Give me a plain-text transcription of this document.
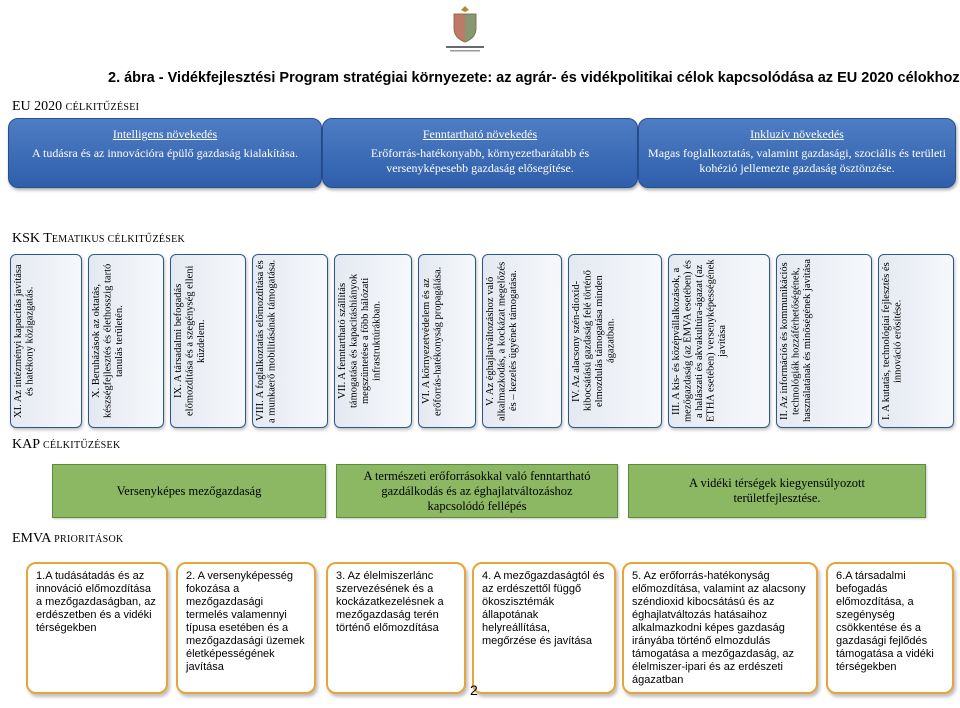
2. ábra - Vidékfejlesztési Program stratégiai környezete: az agrár- és vidékpolitikai célok kapcsolódása az EU 2020 célokhoz
EU 2020 CÉLKITŰZÉSEI
Intelligens növekedés
A tudásra és az innovációra épülő gazdaság kialakítása.
Fenntartható növekedés
Erőforrás-hatékonyabb, környezetbarátabb és versenyképesebb gazdaság elősegítése.
Inkluzív növekedés
Magas foglalkoztatás, valamint gazdasági, szociális és területi kohézió jellemezte gazdaság ösztönzése.
KSK TEMATIKUS CÉLKITŰZÉSEK
XI. Az intézményi kapacitás javítása és hatékony közigazgatás.	X. Beruházások az oktatás, készségfejlesztés és élethosszig tartó tanulás területén.	IX. A társadalmi befogadás előmozdítása és a szegénység elleni küzdelem.	VIII. A foglalkoztatás előmozdítása és a munkaerő mobilitásának támogatása.	VII. A fenntartható szállítás támogatása és kapacitáshiányok megszüntetése a főbb hálózati infrastruktúrákban.	VI. A környezetvédelem és az erőforrás-hatékonyság propagálása.	V. Az éghajlatváltozáshoz való alkalmazkodás, a kockázat megelőzés és – kezelés ügyének támogatása.	IV. Az alacsony szén-dioxid-kibocsátású gazdaság felé történő elmozdulás támogatása minden ágazatban.	III. A kis- és középvállalkozások, a mezőgazdaság (az EMVA esetében) és a halászati és akvakultúra-ágazat (az ETHA esetében) versenyképességének javítása	II. Az információs és kommunikációs technológiák hozzáférhetőségének, használatának és minőségének javítása	I. A kutatás, technológiai fejlesztés és innováció erősítése.
KAP CÉLKITŰZÉSEK
Versenyképes mezőgazdaság
A természeti erőforrásokkal való fenntartható gazdálkodás és az éghajlatváltozáshoz kapcsolódó fellépés
A vidéki térségek kiegyensúlyozott területfejlesztése.
EMVA PRIORITÁSOK
1.A tudásátadás és az innováció előmozdítása a mezőgazdaságban, az erdészetben és a vidéki térségekben
2. A versenyképesség fokozása a mezőgazdasági termelés valamennyi típusa esetében és a mezőgazdasági üzemek életképességének javítása
3. Az élelmiszerlánc szervezésének és a kockázatkezelésnek a mezőgazdaság terén történő előmozdítása
4. A mezőgazdaságtól és az erdészettől függő ökoszisztémák állapotának helyreállítása, megőrzése és javítása
5. Az erőforrás-hatékonyság előmozdítása, valamint az alacsony széndioxid kibocsátású és az éghajlatváltozás hatásaihoz alkalmazkodni képes gazdaság irányába történő elmozdulás támogatása a mezőgazdaság, az élelmiszer-ipari és az erdészeti ágazatban
6.A társadalmi befogadás előmozdítása, a szegénység csökkentése és a gazdasági fejlődés támogatása a vidéki térségekben
2
